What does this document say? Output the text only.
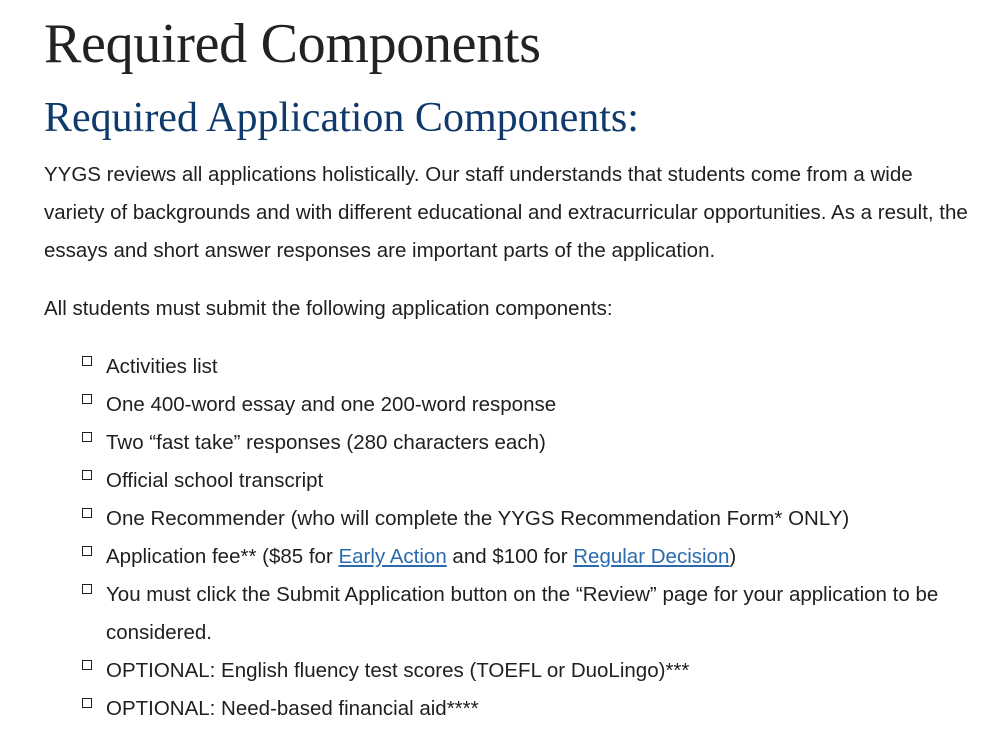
Required Components
Required Application Components:

YYGS reviews all applications holistically. Our staff understands that students come from a wide variety of backgrounds and with different educational and extracurricular opportunities. As a result, the essays and short answer responses are important parts of the application.

All students must submit the following application components:

Activities list
One 400-word essay and one 200-word response
Two “fast take” responses (280 characters each)
Official school transcript
One Recommender (who will complete the YYGS Recommendation Form* ONLY)
Application fee** ($85 for Early Action and $100 for Regular Decision)
You must click the Submit Application button on the “Review” page for your application to be considered.
OPTIONAL: English fluency test scores (TOEFL or DuoLingo)***
OPTIONAL: Need-based financial aid****
